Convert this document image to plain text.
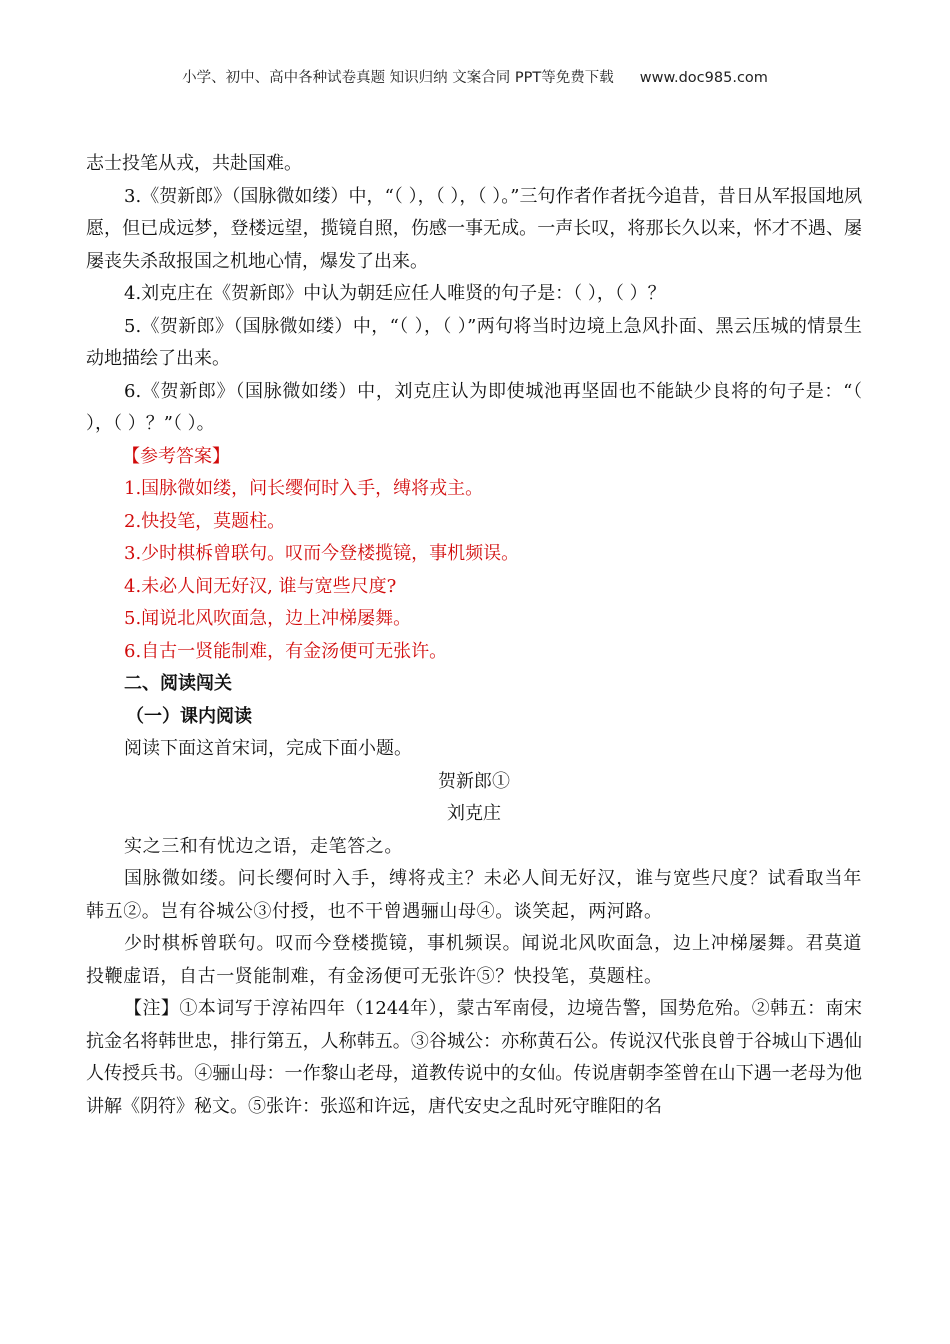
小学、初中、高中各种试卷真题 知识归纳 文案合同 PPT等免费下载 www.doc985.com

志士投笔从戎，共赴国难。

3.《贺新郎》（国脉微如缕）中，“（ ），（ ），（ ）。”三句作者作者抚今追昔，昔日从军报国地夙愿，但已成远梦，登楼远望，揽镜自照，伤感一事无成。一声长叹，将那长久以来，怀才不遇、屡屡丧失杀敌报国之机地心情，爆发了出来。

4.刘克庄在《贺新郎》中认为朝廷应任人唯贤的句子是：（ ），（ ）？

5.《贺新郎》（国脉微如缕）中，“（ ），（ ）”两句将当时边境上急风扑面、黑云压城的情景生动地描绘了出来。

6.《贺新郎》（国脉微如缕）中，刘克庄认为即使城池再坚固也不能缺少良将的句子是：“（ ），（ ）？”（ ）。

【参考答案】

1.国脉微如缕，问长缨何时入手，缚将戎主。

2.快投笔，莫题柱。

3.少时棋柝曾联句。叹而今登楼揽镜，事机频误。

4.未必人间无好汉, 谁与宽些尺度?

5.闻说北风吹面急，边上冲梯屡舞。

6.自古一贤能制难，有金汤便可无张许。

二、阅读闯关

（一）课内阅读

阅读下面这首宋词，完成下面小题。

贺新郎①

刘克庄

实之三和有忧边之语，走笔答之。

国脉微如缕。问长缨何时入手，缚将戎主？未必人间无好汉，谁与宽些尺度？试看取当年韩五②。岂有谷城公③付授，也不干曾遇骊山母④。谈笑起，两河路。

少时棋柝曾联句。叹而今登楼揽镜，事机频误。闻说北风吹面急，边上冲梯屡舞。君莫道投鞭虚语，自古一贤能制难，有金汤便可无张许⑤？快投笔，莫题柱。

【注】①本词写于淳祐四年（1244年），蒙古军南侵，边境告警，国势危殆。②韩五：南宋抗金名将韩世忠，排行第五，人称韩五。③谷城公：亦称黄石公。传说汉代张良曾于谷城山下遇仙人传授兵书。④骊山母：一作黎山老母，道教传说中的女仙。传说唐朝李筌曾在山下遇一老母为他讲解《阴符》秘文。⑤张许：张巡和许远，唐代安史之乱时死守睢阳的名
